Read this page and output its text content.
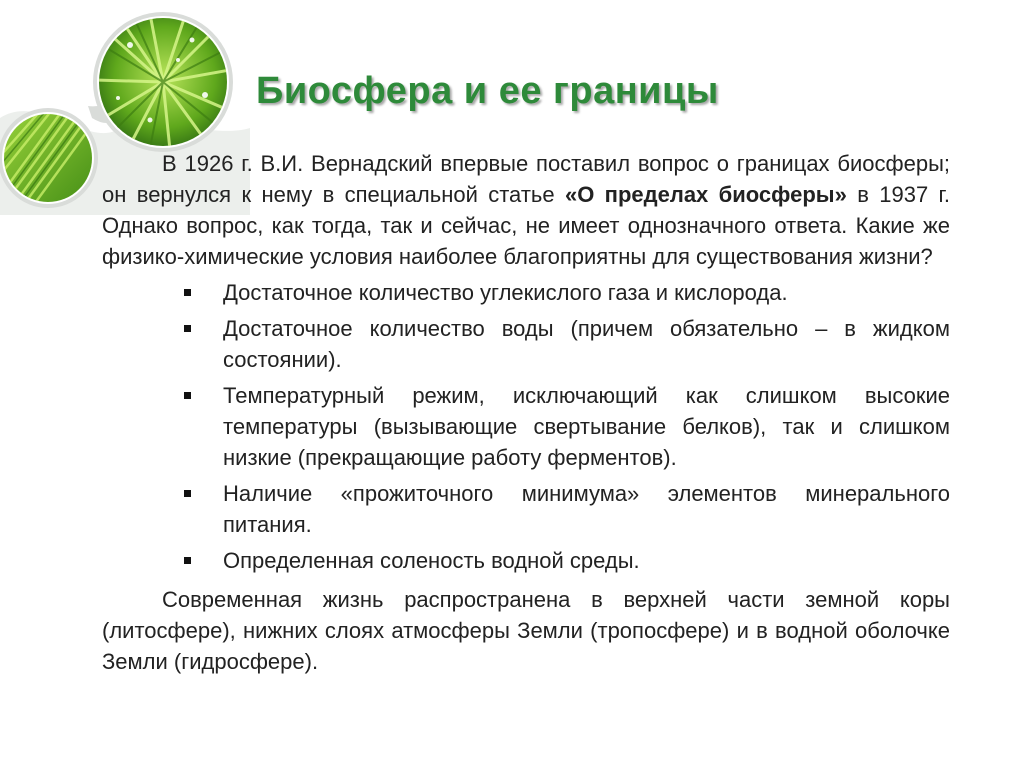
Биосфера и ее границы

В 1926 г. В.И. Вернадский впервые поставил вопрос о границах биосферы; он вернулся к нему в специальной статье «О пределах биосферы» в 1937 г. Однако вопрос, как тогда, так и сейчас, не имеет однозначного ответа. Какие же физико-химические условия наиболее благоприятны для существования жизни?

Достаточное количество углекислого газа и кислорода.
Достаточное количество воды (причем обязательно – в жидком состоянии).
Температурный режим, исключающий как слишком высокие температуры (вызывающие свертывание белков), так и слишком низкие (прекращающие работу ферментов).
Наличие «прожиточного минимума» элементов минерального питания.
Определенная соленость водной среды.

Современная жизнь распространена в верхней части земной коры (литосфере), нижних слоях атмосферы Земли (тропосфере) и в водной оболочке Земли (гидросфере).
